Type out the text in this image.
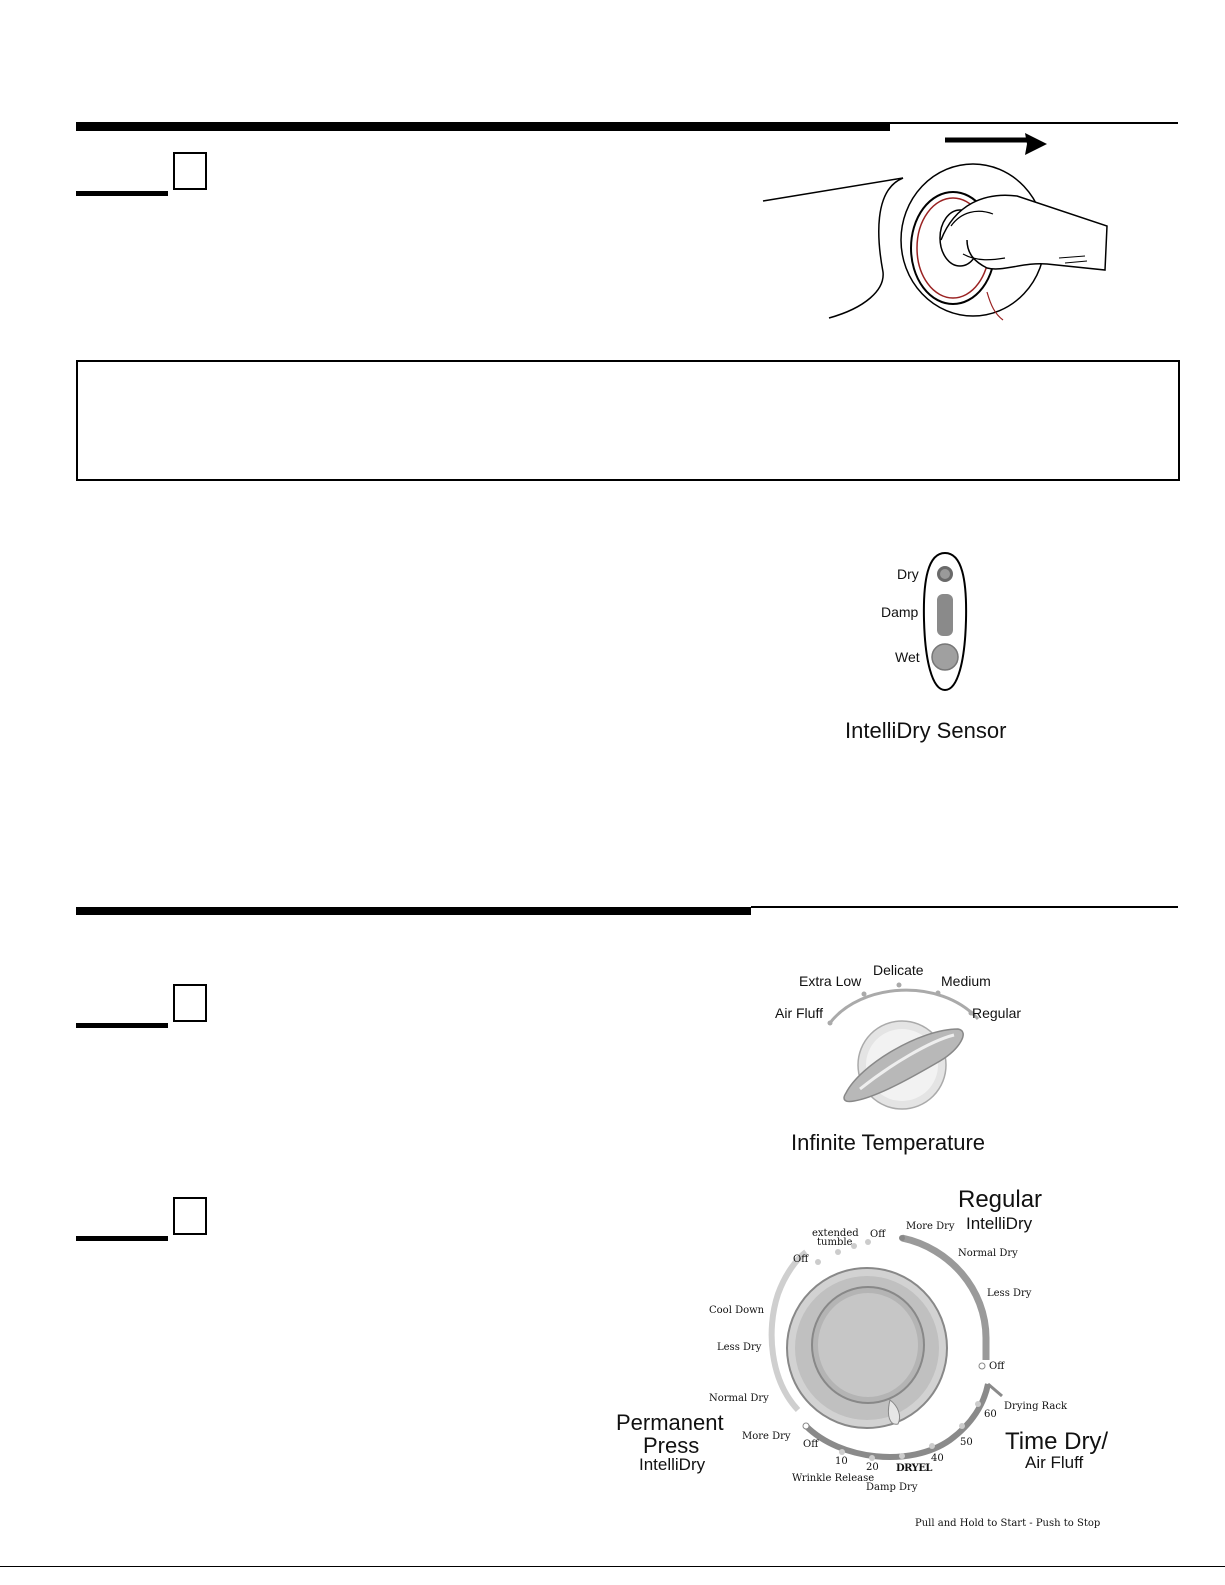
Dry
Damp
Wet
IntelliDry Sensor
Air Fluff
Extra Low
Delicate
Medium
Regular
Infinite Temperature
Regular
IntelliDry
More Dry
Normal Dry
Less Dry
Off
extended
tumble
Off
Off
Cool Down
Less Dry
Normal Dry
More Dry
Off
Permanent
Press
IntelliDry
Drying Rack
60
50
40
DRYEL
20
10
Wrinkle Release
Damp Dry
Time Dry/
Air Fluff
Pull and Hold to Start - Push to Stop
